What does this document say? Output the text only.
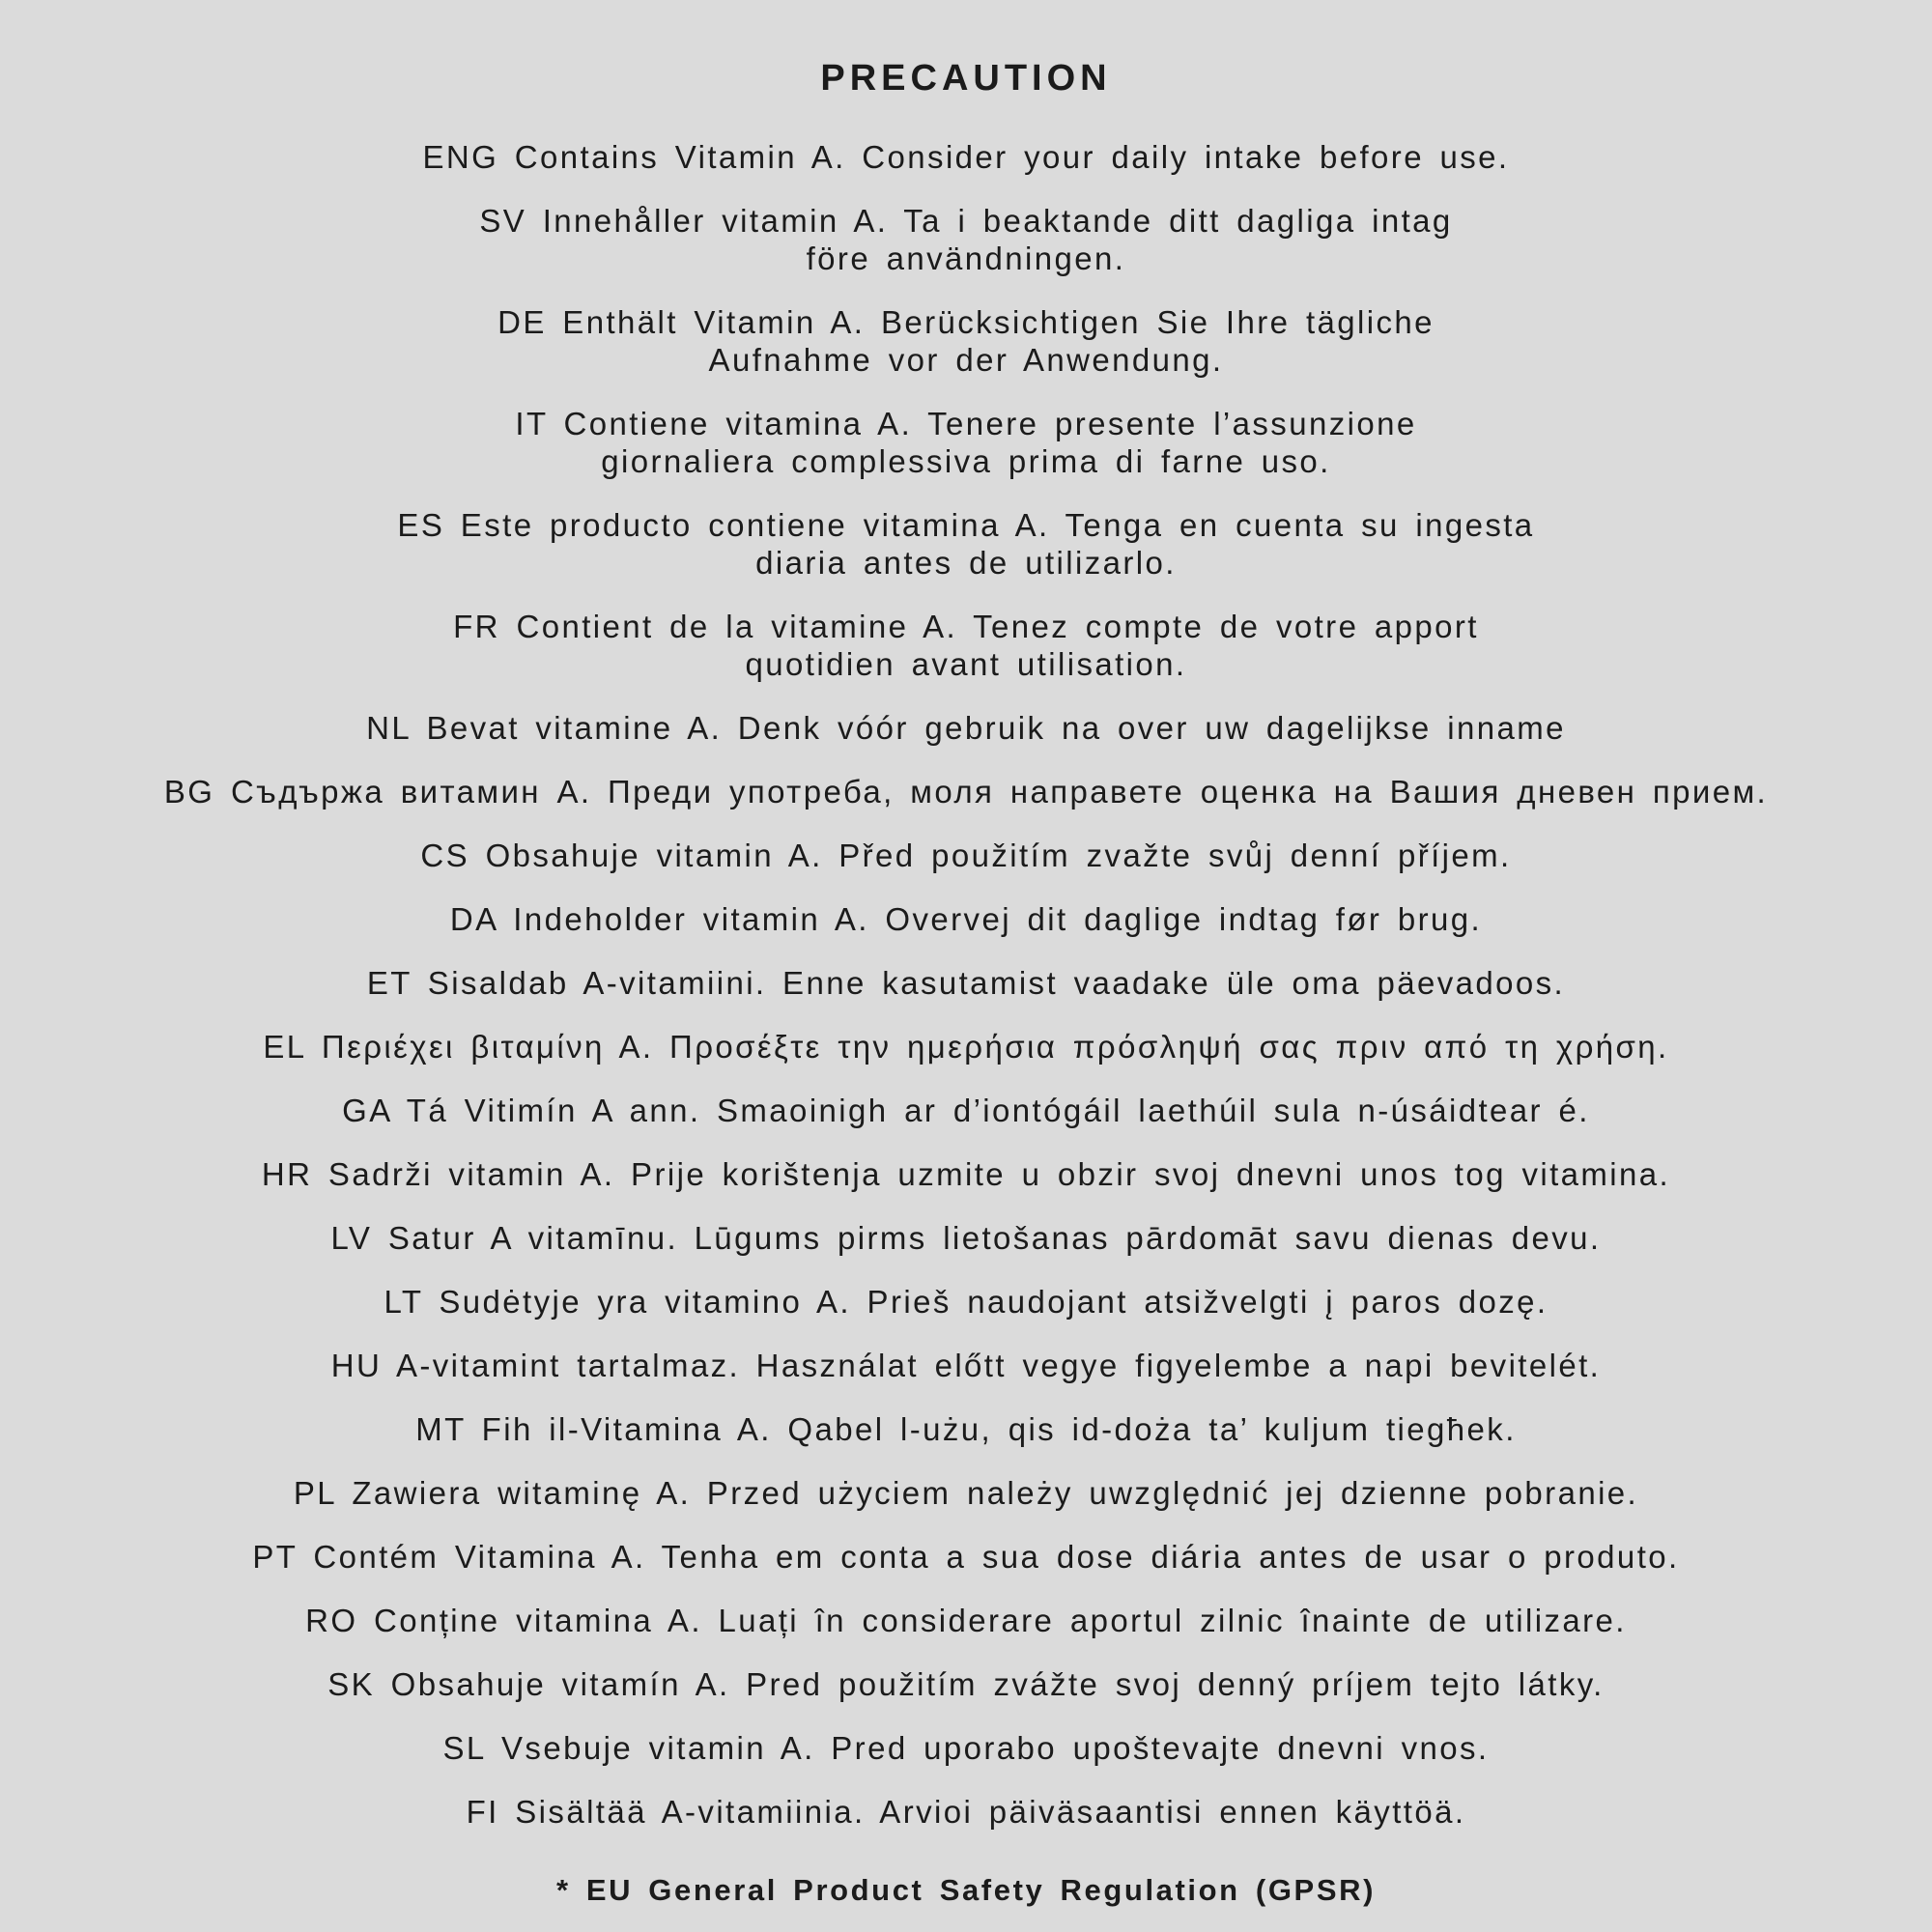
PRECAUTION

ENG Contains Vitamin A. Consider your daily intake before use.

SV Innehåller vitamin A. Ta i beaktande ditt dagliga intag
före användningen.

DE Enthält Vitamin A. Berücksichtigen Sie Ihre tägliche
Aufnahme vor der Anwendung.

IT Contiene vitamina A. Tenere presente l’assunzione
giornaliera complessiva prima di farne uso.

ES Este producto contiene vitamina A. Tenga en cuenta su ingesta
diaria antes de utilizarlo.

FR Contient de la vitamine A. Tenez compte de votre apport
quotidien avant utilisation.

NL Bevat vitamine A. Denk vóór gebruik na over uw dagelijkse inname

BG Съдържа витамин А. Преди употреба, моля направете оценка на Вашия дневен прием.

CS Obsahuje vitamin A. Před použitím zvažte svůj denní příjem.

DA Indeholder vitamin A. Overvej dit daglige indtag før brug.

ET Sisaldab A-vitamiini. Enne kasutamist vaadake üle oma päevadoos.

EL Περιέχει βιταμίνη Α. Προσέξτε την ημερήσια πρόσληψή σας πριν από τη χρήση.

GA Tá Vitimín A ann. Smaoinigh ar d’iontógáil laethúil sula n-úsáidtear é.

HR Sadrži vitamin A. Prije korištenja uzmite u obzir svoj dnevni unos tog vitamina.

LV Satur A vitamīnu. Lūgums pirms lietošanas pārdomāt savu dienas devu.

LT Sudėtyje yra vitamino A. Prieš naudojant atsižvelgti į paros dozę.

HU A-vitamint tartalmaz. Használat előtt vegye figyelembe a napi bevitelét.

MT Fih il-Vitamina A. Qabel l-użu, qis id-doża ta’ kuljum tiegħek.

PL Zawiera witaminę A. Przed użyciem należy uwzględnić jej dzienne pobranie.

PT Contém Vitamina A. Tenha em conta a sua dose diária antes de usar o produto.

RO Conține vitamina A. Luați în considerare aportul zilnic înainte de utilizare.

SK Obsahuje vitamín A. Pred použitím zvážte svoj denný príjem tejto látky.

SL Vsebuje vitamin A. Pred uporabo upoštevajte dnevni vnos.

FI Sisältää A-vitamiinia. Arvioi päiväsaantisi ennen käyttöä.

* EU General Product Safety Regulation (GPSR)
